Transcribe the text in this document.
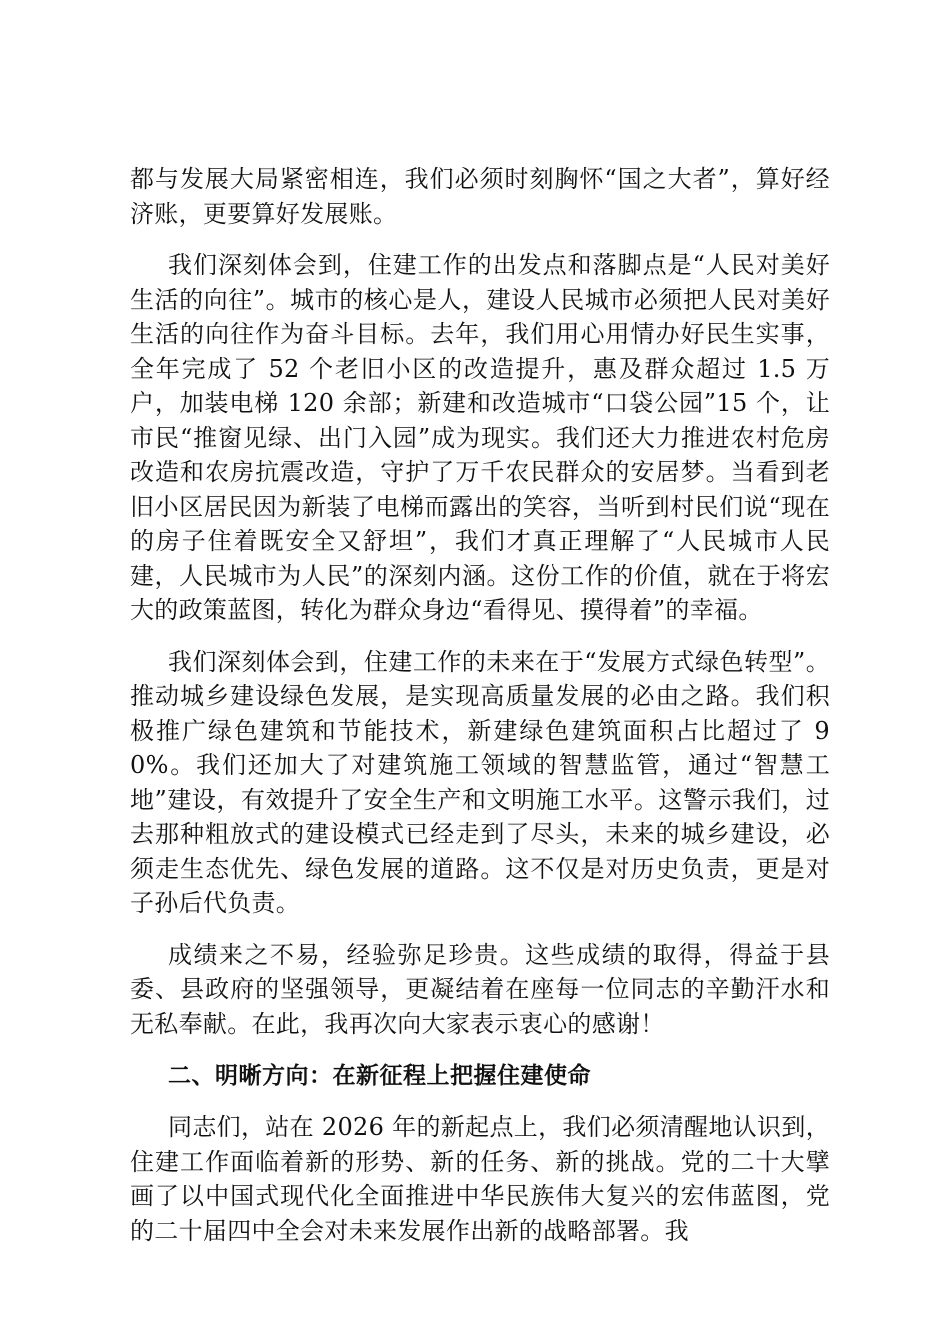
都与发展大局紧密相连，我们必须时刻胸怀“国之大者”，算好经济账，更要算好发展账。

我们深刻体会到，住建工作的出发点和落脚点是“人民对美好生活的向往”。城市的核心是人，建设人民城市必须把人民对美好生活的向往作为奋斗目标。去年，我们用心用情办好民生实事，全年完成了 52 个老旧小区的改造提升，惠及群众超过 1.5 万户，加装电梯 120 余部；新建和改造城市“口袋公园”15 个，让市民“推窗见绿、出门入园”成为现实。我们还大力推进农村危房改造和农房抗震改造，守护了万千农民群众的安居梦。当看到老旧小区居民因为新装了电梯而露出的笑容，当听到村民们说“现在的房子住着既安全又舒坦”，我们才真正理解了“人民城市人民建，人民城市为人民”的深刻内涵。这份工作的价值，就在于将宏大的政策蓝图，转化为群众身边“看得见、摸得着”的幸福。

我们深刻体会到，住建工作的未来在于“发展方式绿色转型”。推动城乡建设绿色发展，是实现高质量发展的必由之路。我们积极推广绿色建筑和节能技术，新建绿色建筑面积占比超过了 90%。我们还加大了对建筑施工领域的智慧监管，通过“智慧工地”建设，有效提升了安全生产和文明施工水平。这警示我们，过去那种粗放式的建设模式已经走到了尽头，未来的城乡建设，必须走生态优先、绿色发展的道路。这不仅是对历史负责，更是对子孙后代负责。

成绩来之不易，经验弥足珍贵。这些成绩的取得，得益于县委、县政府的坚强领导，更凝结着在座每一位同志的辛勤汗水和无私奉献。在此，我再次向大家表示衷心的感谢！

二、明晰方向：在新征程上把握住建使命

同志们，站在 2026 年的新起点上，我们必须清醒地认识到，住建工作面临着新的形势、新的任务、新的挑战。党的二十大擘画了以中国式现代化全面推进中华民族伟大复兴的宏伟蓝图，党的二十届四中全会对未来发展作出新的战略部署。我
